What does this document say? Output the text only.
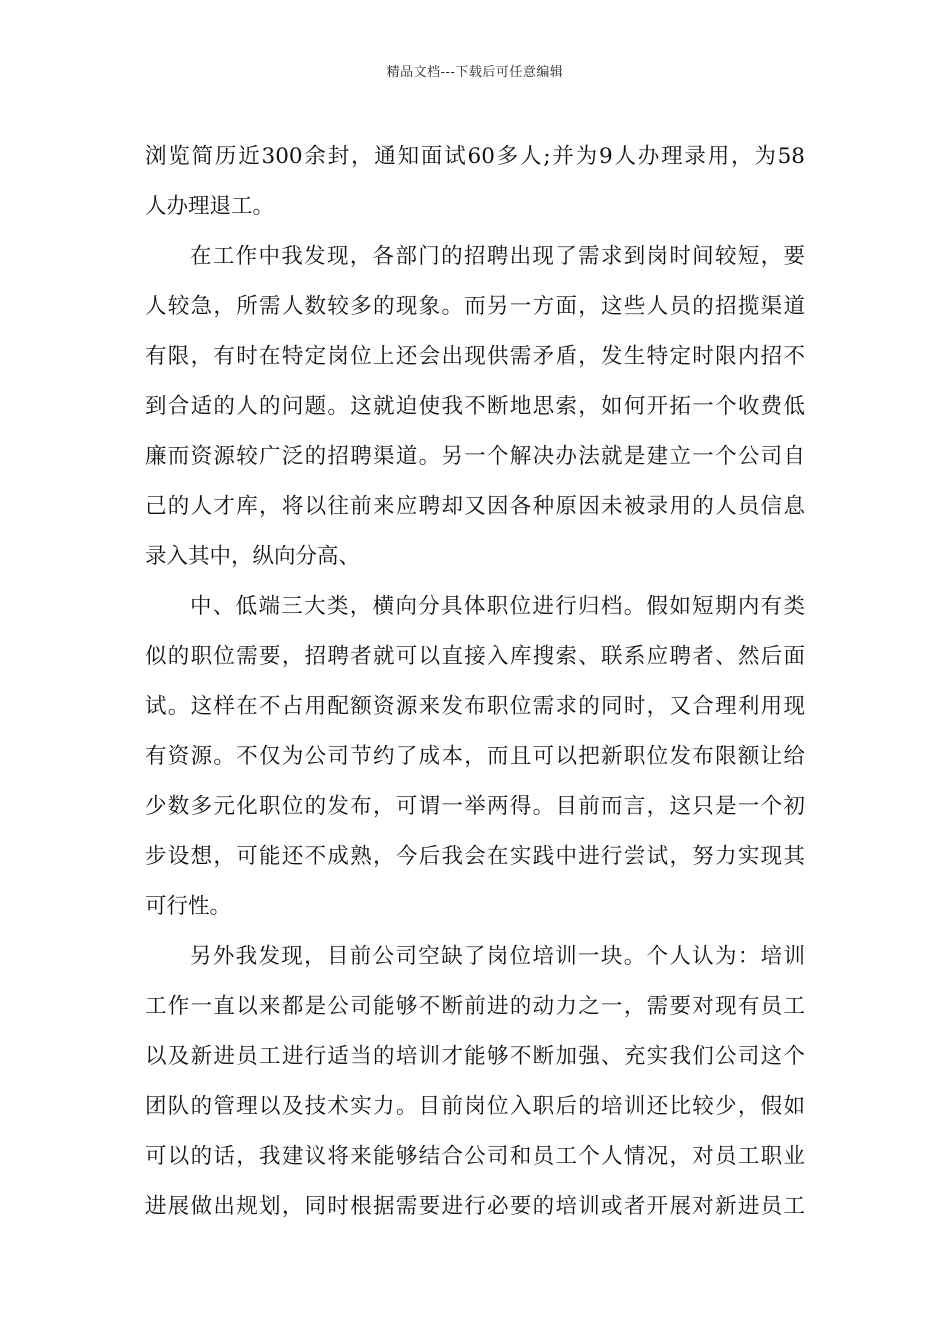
精品文档---下载后可任意编辑
浏览简历近300余封，通知面试60多人;并为9人办理录用，为58
人办理退工。
在工作中我发现，各部门的招聘出现了需求到岗时间较短，要
人较急，所需人数较多的现象。而另一方面，这些人员的招揽渠道
有限，有时在特定岗位上还会出现供需矛盾，发生特定时限内招不
到合适的人的问题。这就迫使我不断地思索，如何开拓一个收费低
廉而资源较广泛的招聘渠道。另一个解决办法就是建立一个公司自
己的人才库，将以往前来应聘却又因各种原因未被录用的人员信息
录入其中，纵向分高、
中、低端三大类，横向分具体职位进行归档。假如短期内有类
似的职位需要，招聘者就可以直接入库搜索、联系应聘者、然后面
试。这样在不占用配额资源来发布职位需求的同时，又合理利用现
有资源。不仅为公司节约了成本，而且可以把新职位发布限额让给
少数多元化职位的发布，可谓一举两得。目前而言，这只是一个初
步设想，可能还不成熟，今后我会在实践中进行尝试，努力实现其
可行性。
另外我发现，目前公司空缺了岗位培训一块。个人认为：培训
工作一直以来都是公司能够不断前进的动力之一，需要对现有员工
以及新进员工进行适当的培训才能够不断加强、充实我们公司这个
团队的管理以及技术实力。目前岗位入职后的培训还比较少，假如
可以的话，我建议将来能够结合公司和员工个人情况，对员工职业
进展做出规划，同时根据需要进行必要的培训或者开展对新进员工
